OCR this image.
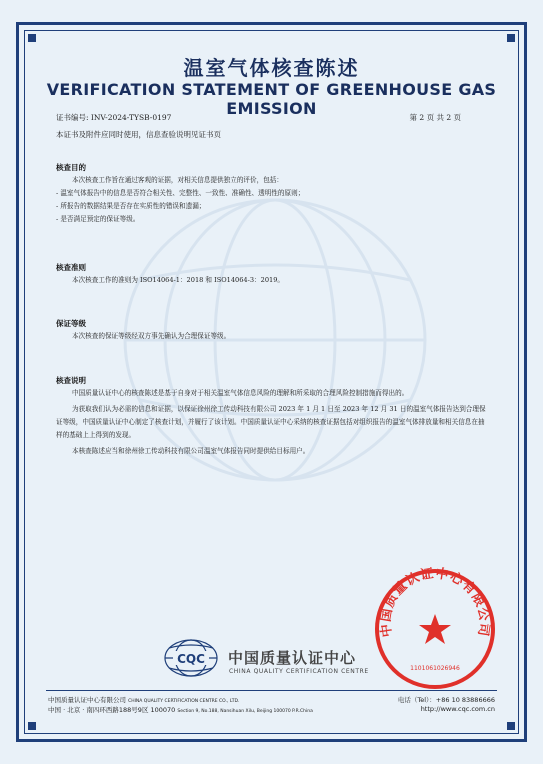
温室气体核查陈述
VERIFICATION STATEMENT OF GREENHOUSE GAS EMISSION
证书编号: INV-2024-TYSB-0197	第 2 页 共 2 页
本证书及附件应同时使用，信息查验说明见证书页
核查目的
本次核查工作旨在通过客观的证据，对相关信息提供独立的评价，包括：
- 温室气体报告中的信息是否符合相关性、完整性、一致性、准确性、透明性的原则；
- 所报告的数据结果是否存在实质性的错误和遗漏；
- 是否满足预定的保证等级。
核查准则
本次核查工作的准则为 ISO14064-1：2018 和 ISO14064-3：2019。
保证等级
本次核查的保证等级经双方事先确认为合理保证等级。
核查说明
中国质量认证中心的核查陈述是基于自身对于相关温室气体信息风险的理解和所采取的合理风险控制措施而得出的。
为获取我们认为必需的信息和证据，以保证徐州徐工传动科技有限公司 2023 年 1 月 1 日至 2023 年 12 月 31 日的温室气体报告达到合理保证等级，中国质量认证中心制定了核查计划，并履行了该计划。中国质量认证中心采纳的核查证据包括对组织报告的温室气体排放量和相关信息在抽样的基础上上得到的发现。
本核查陈述应当和徐州徐工传动科技有限公司温室气体报告同时提供给目标用户。
CQC 中国质量认证中心
CHINA QUALITY CERTIFICATION CENTRE
中国质量认证中心有限公司
1101061026946
中国质量认证中心有限公司 CHINA QUALITY CERTIFICATION CENTRE CO., LTD.
中国 · 北京 · 南四环西路188号9区 100070 Section 9, No.188, Nansihuan Xilu, Beijing 100070 P.R.China
电话（Tel）：+86 10 83886666
http://www.cqc.com.cn
